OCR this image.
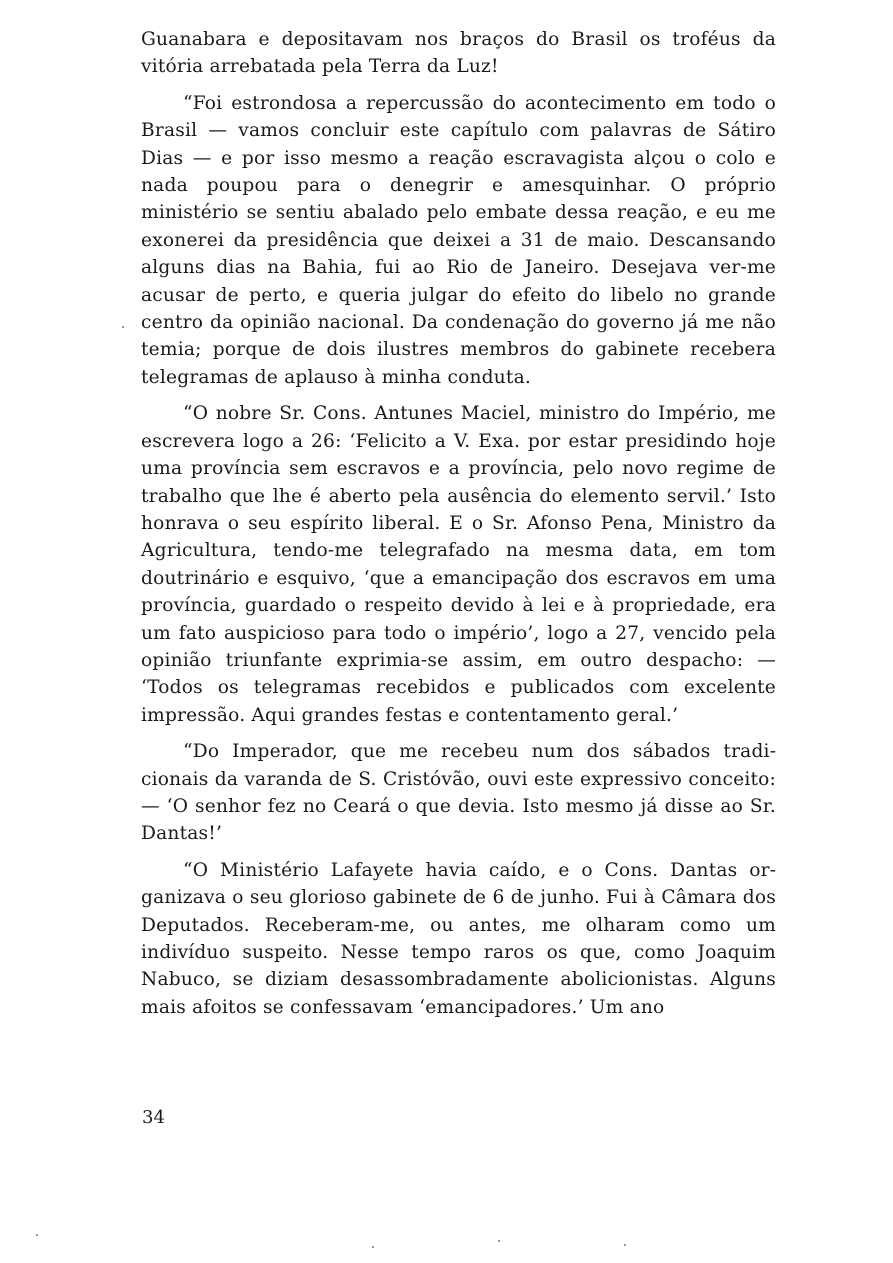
Guanabara e depositavam nos braços do Brasil os troféus da vitória arrebatada pela Terra da Luz!

“Foi estrondosa a repercussão do acontecimento em todo o Brasil — vamos concluir este capítulo com palavras de Sátiro Dias — e por isso mesmo a reação escravagista alçou o colo e nada poupou para o denegrir e amesquinhar. O próprio ministério se sentiu abalado pelo embate dessa reação, e eu me exonerei da presidência que deixei a 31 de maio. Descansando alguns dias na Bahia, fui ao Rio de Janeiro. Desejava ver-me acusar de perto, e queria julgar do efeito do libelo no grande centro da opinião nacional. Da condenação do governo já me não temia; porque de dois ilustres membros do gabinete recebera telegramas de aplauso à minha conduta.

“O nobre Sr. Cons. Antunes Maciel, ministro do Império, me escrevera logo a 26: ‘Felicito a V. Exa. por estar presidindo hoje uma província sem escravos e a província, pelo novo regime de trabalho que lhe é aberto pela ausência do elemento servil.’ Isto honrava o seu espírito liberal. E o Sr. Afonso Pena, Ministro da Agricultura, tendo-me telegrafado na mesma data, em tom doutrinário e esquivo, ‘que a emancipação dos escravos em uma província, guardado o respeito devido à lei e à propriedade, era um fato auspicioso para todo o império’, logo a 27, vencido pela opinião triunfante exprimia-se assim, em outro despacho: — ‘Todos os telegramas recebidos e publicados com excelente impressão. Aqui grandes festas e contentamento geral.’

“Do Imperador, que me recebeu num dos sábados tradicionais da varanda de S. Cristóvão, ouvi este expressivo conceito: — ‘O senhor fez no Ceará o que devia. Isto mesmo já disse ao Sr. Dantas!’

“O Ministério Lafayete havia caído, e o Cons. Dantas organizava o seu glorioso gabinete de 6 de junho. Fui à Câmara dos Deputados. Receberam-me, ou antes, me olharam como um indivíduo suspeito. Nesse tempo raros os que, como Joaquim Nabuco, se diziam desassombradamente abolicionistas. Alguns mais afoitos se confessavam ‘emancipadores.’ Um ano

34
